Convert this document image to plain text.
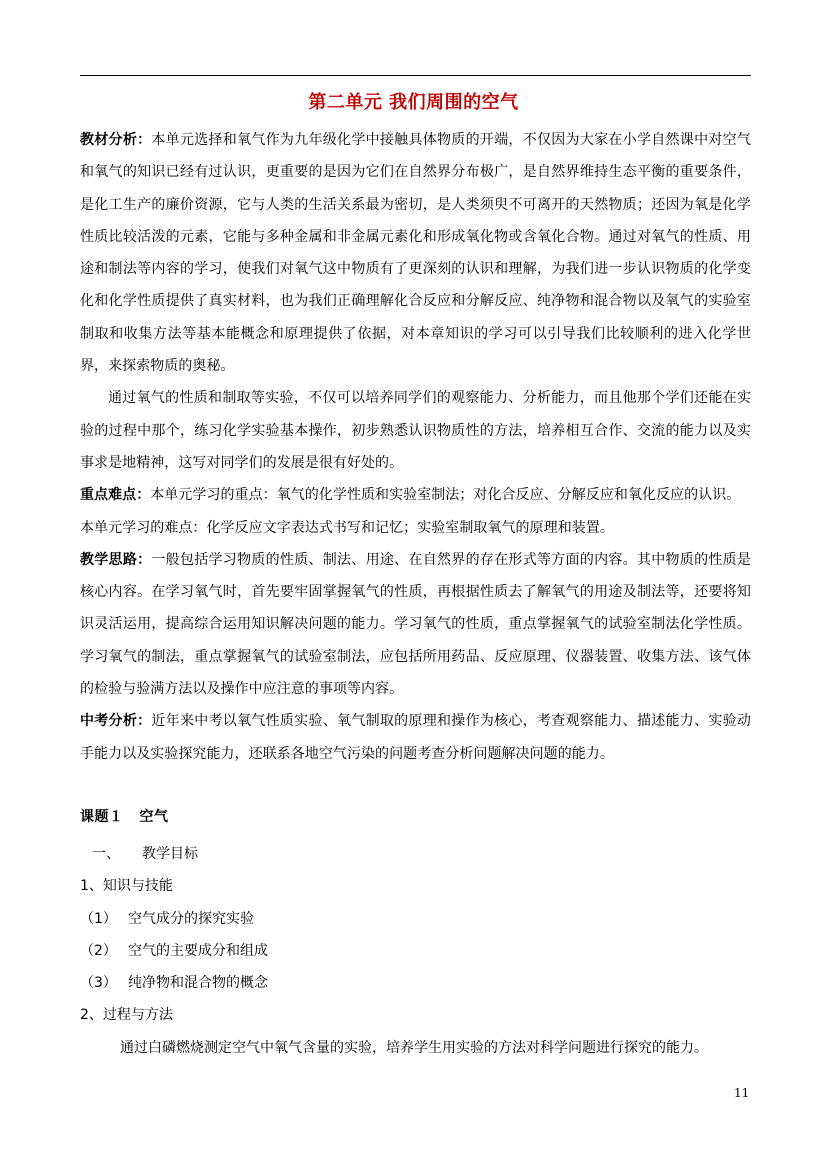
第二单元 我们周围的空气

教材分析：本单元选择和氧气作为九年级化学中接触具体物质的开端，不仅因为大家在小学自然课中对空气和氧气的知识已经有过认识，更重要的是因为它们在自然界分布极广，是自然界维持生态平衡的重要条件，是化工生产的廉价资源，它与人类的生活关系最为密切，是人类须臾不可离开的天然物质；还因为氧是化学性质比较活泼的元素，它能与多种金属和非金属元素化和形成氧化物或含氧化合物。通过对氧气的性质、用途和制法等内容的学习，使我们对氧气这中物质有了更深刻的认识和理解，为我们进一步认识物质的化学变化和化学性质提供了真实材料，也为我们正确理解化合反应和分解反应、纯净物和混合物以及氧气的实验室制取和收集方法等基本能概念和原理提供了依据，对本章知识的学习可以引导我们比较顺利的进入化学世界，来探索物质的奥秘。

通过氧气的性质和制取等实验，不仅可以培养同学们的观察能力、分析能力，而且他那个学们还能在实验的过程中那个，练习化学实验基本操作，初步熟悉认识物质性的方法，培养相互合作、交流的能力以及实事求是地精神，这写对同学们的发展是很有好处的。

重点难点：本单元学习的重点：氧气的化学性质和实验室制法；对化合反应、分解反应和氧化反应的认识。

本单元学习的难点：化学反应文字表达式书写和记忆；实验室制取氧气的原理和装置。

教学思路：一般包括学习物质的性质、制法、用途、在自然界的存在形式等方面的内容。其中物质的性质是核心内容。在学习氧气时，首先要牢固掌握氧气的性质，再根据性质去了解氧气的用途及制法等，还要将知识灵活运用，提高综合运用知识解决问题的能力。学习氧气的性质，重点掌握氧气的试验室制法化学性质。学习氧气的制法，重点掌握氧气的试验室制法，应包括所用药品、反应原理、仪器装置、收集方法、该气体的检验与验满方法以及操作中应注意的事项等内容。

中考分析：近年来中考以氧气性质实验、氧气制取的原理和操作为核心，考查观察能力、描述能力、实验动手能力以及实验探究能力，还联系各地空气污染的问题考查分析问题解决问题的能力。

课题１ 空气
一、 教学目标
1、知识与技能
（1） 空气成分的探究实验
（2） 空气的主要成分和组成
（3） 纯净物和混合物的概念
2、过程与方法
通过白磷燃烧测定空气中氧气含量的实验，培养学生用实验的方法对科学问题进行探究的能力。
11
